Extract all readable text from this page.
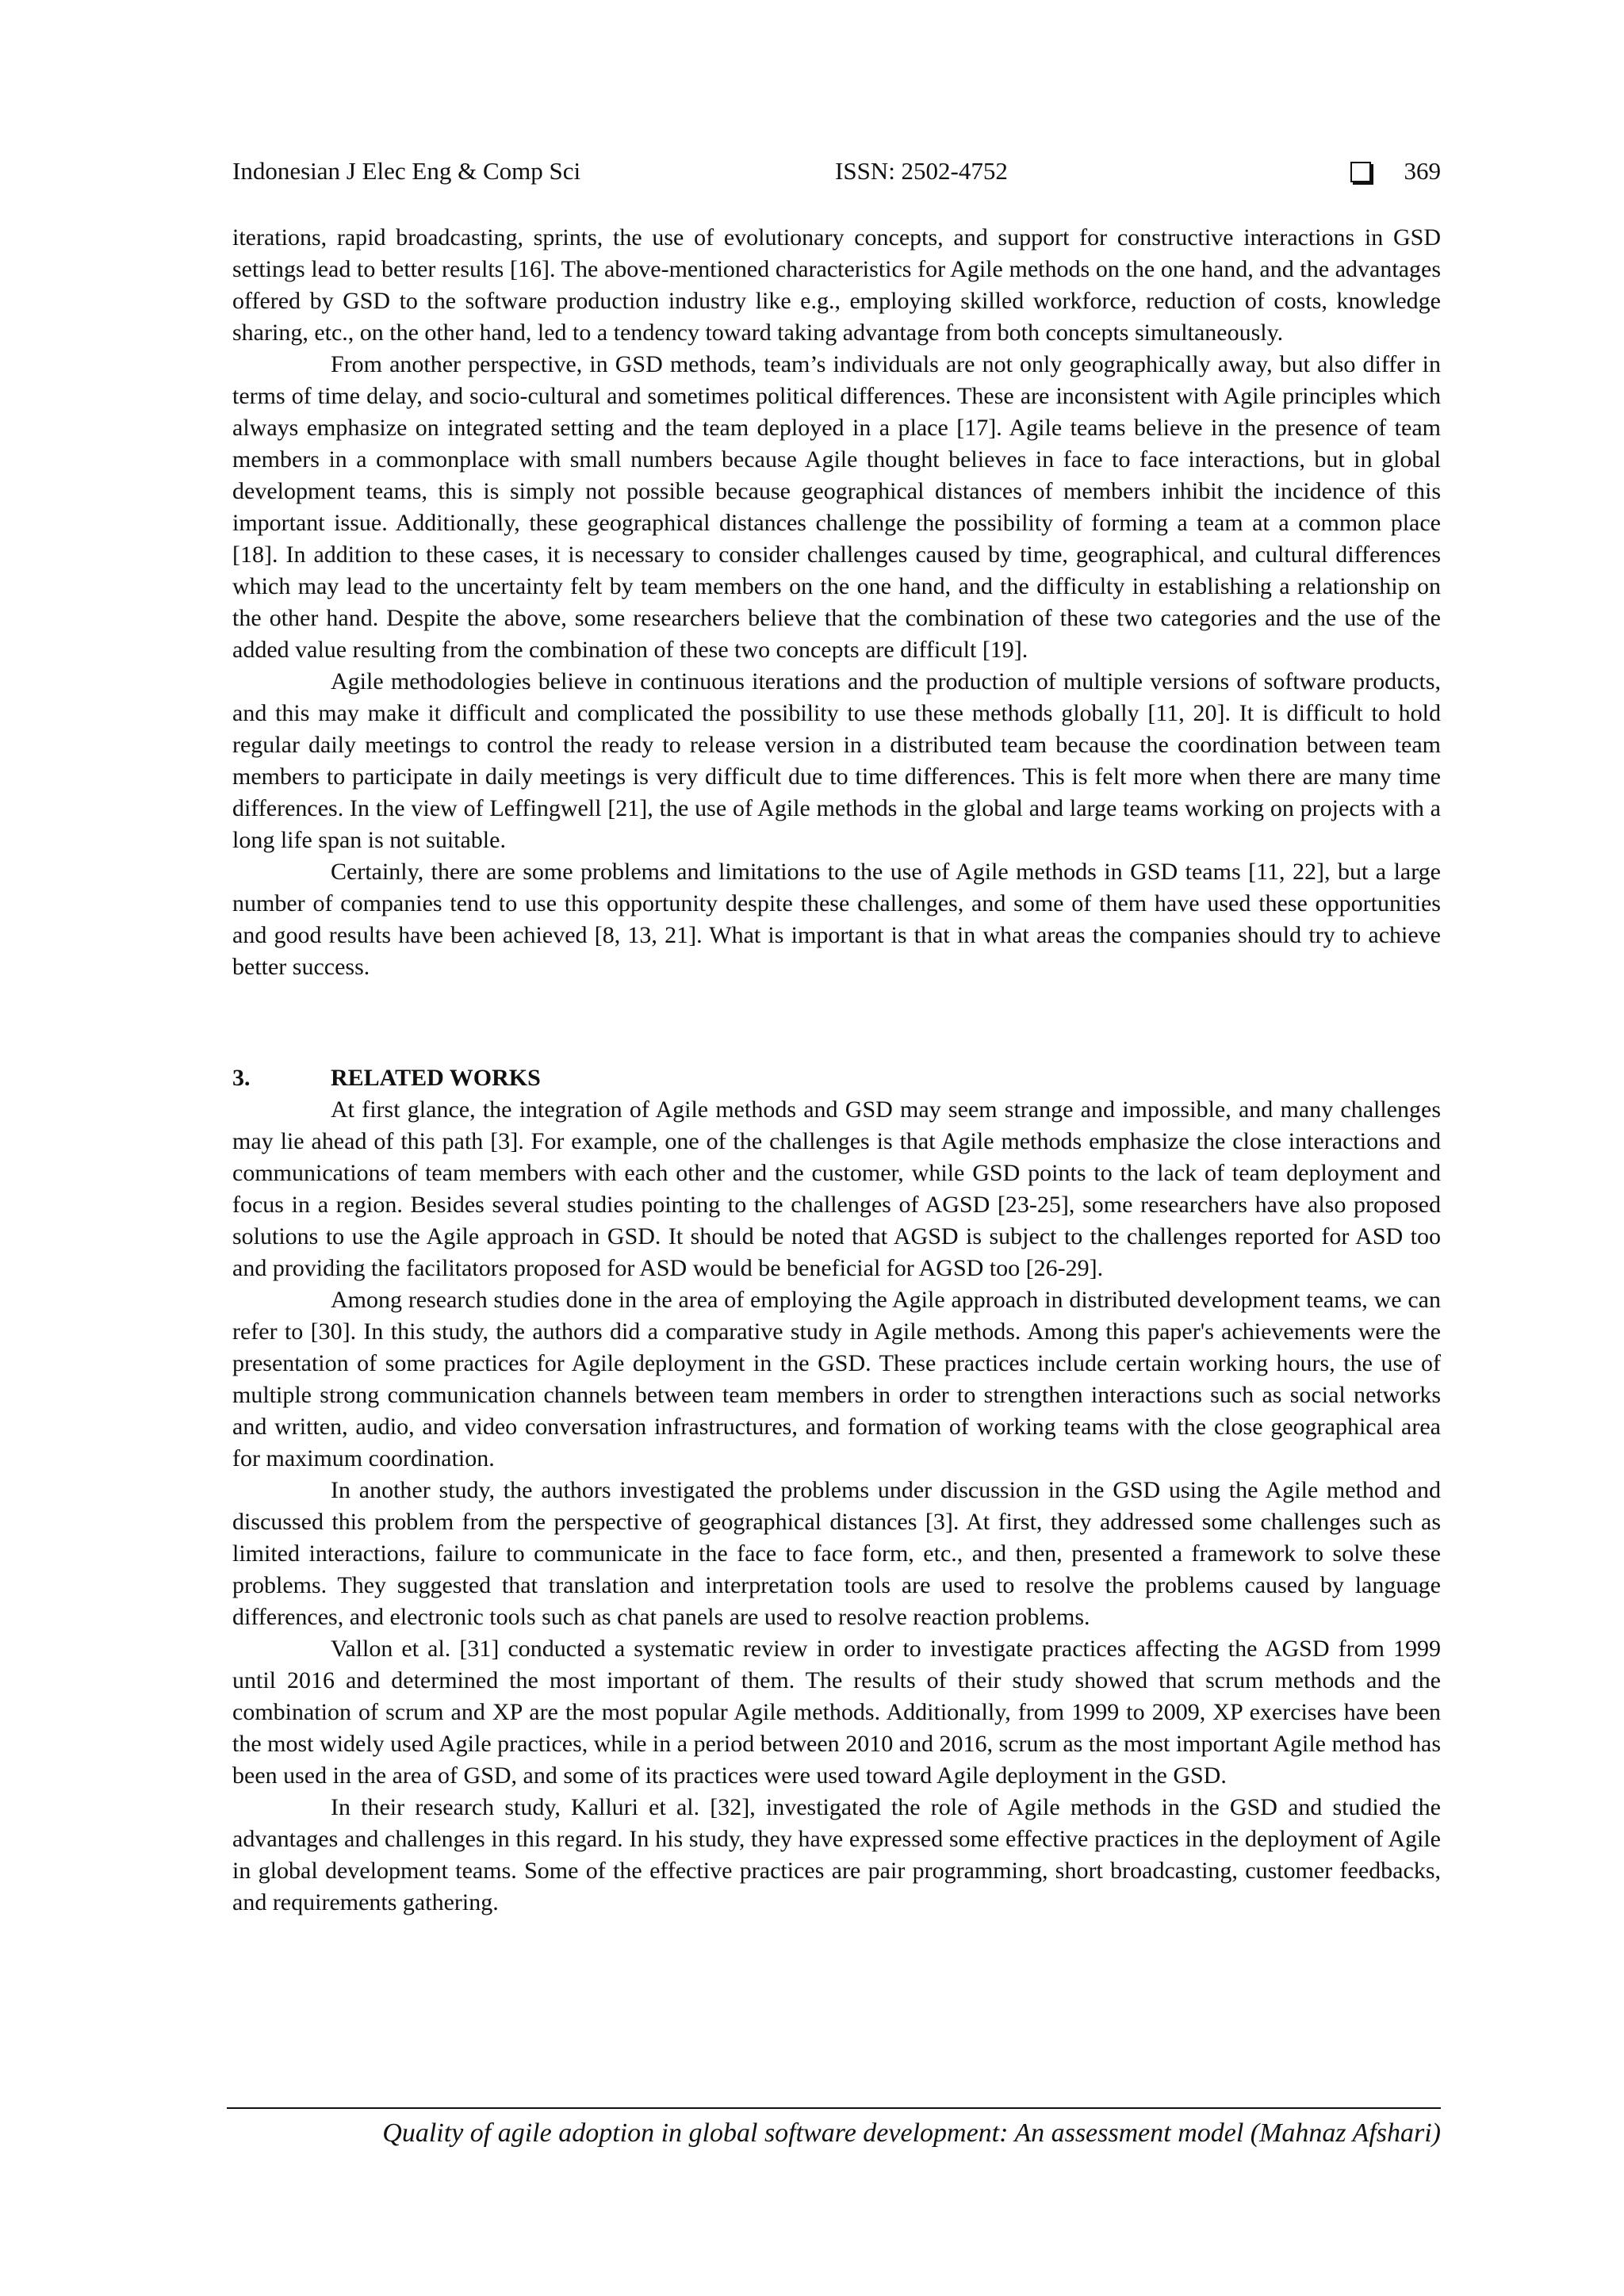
Indonesian J Elec Eng & Comp Sci	ISSN: 2502-4752	369

iterations, rapid broadcasting, sprints, the use of evolutionary concepts, and support for constructive interactions in GSD settings lead to better results [16]. The above-mentioned characteristics for Agile methods on the one hand, and the advantages offered by GSD to the software production industry like e.g., employing skilled workforce, reduction of costs, knowledge sharing, etc., on the other hand, led to a tendency toward taking advantage from both concepts simultaneously.

From another perspective, in GSD methods, team’s individuals are not only geographically away, but also differ in terms of time delay, and socio-cultural and sometimes political differences. These are inconsistent with Agile principles which always emphasize on integrated setting and the team deployed in a place [17]. Agile teams believe in the presence of team members in a commonplace with small numbers because Agile thought believes in face to face interactions, but in global development teams, this is simply not possible because geographical distances of members inhibit the incidence of this important issue. Additionally, these geographical distances challenge the possibility of forming a team at a common place [18]. In addition to these cases, it is necessary to consider challenges caused by time, geographical, and cultural differences which may lead to the uncertainty felt by team members on the one hand, and the difficulty in establishing a relationship on the other hand. Despite the above, some researchers believe that the combination of these two categories and the use of the added value resulting from the combination of these two concepts are difficult [19].

Agile methodologies believe in continuous iterations and the production of multiple versions of software products, and this may make it difficult and complicated the possibility to use these methods globally [11, 20]. It is difficult to hold regular daily meetings to control the ready to release version in a distributed team because the coordination between team members to participate in daily meetings is very difficult due to time differences. This is felt more when there are many time differences. In the view of Leffingwell [21], the use of Agile methods in the global and large teams working on projects with a long life span is not suitable.

Certainly, there are some problems and limitations to the use of Agile methods in GSD teams [11, 22], but a large number of companies tend to use this opportunity despite these challenges, and some of them have used these opportunities and good results have been achieved [8, 13, 21]. What is important is that in what areas the companies should try to achieve better success.

3.	RELATED WORKS

At first glance, the integration of Agile methods and GSD may seem strange and impossible, and many challenges may lie ahead of this path [3]. For example, one of the challenges is that Agile methods emphasize the close interactions and communications of team members with each other and the customer, while GSD points to the lack of team deployment and focus in a region. Besides several studies pointing to the challenges of AGSD [23-25], some researchers have also proposed solutions to use the Agile approach in GSD. It should be noted that AGSD is subject to the challenges reported for ASD too and providing the facilitators proposed for ASD would be beneficial for AGSD too [26-29].

Among research studies done in the area of employing the Agile approach in distributed development teams, we can refer to [30]. In this study, the authors did a comparative study in Agile methods. Among this paper's achievements were the presentation of some practices for Agile deployment in the GSD. These practices include certain working hours, the use of multiple strong communication channels between team members in order to strengthen interactions such as social networks and written, audio, and video conversation infrastructures, and formation of working teams with the close geographical area for maximum coordination.

In another study, the authors investigated the problems under discussion in the GSD using the Agile method and discussed this problem from the perspective of geographical distances [3]. At first, they addressed some challenges such as limited interactions, failure to communicate in the face to face form, etc., and then, presented a framework to solve these problems. They suggested that translation and interpretation tools are used to resolve the problems caused by language differences, and electronic tools such as chat panels are used to resolve reaction problems.

Vallon et al. [31] conducted a systematic review in order to investigate practices affecting the AGSD from 1999 until 2016 and determined the most important of them. The results of their study showed that scrum methods and the combination of scrum and XP are the most popular Agile methods. Additionally, from 1999 to 2009, XP exercises have been the most widely used Agile practices, while in a period between 2010 and 2016, scrum as the most important Agile method has been used in the area of GSD, and some of its practices were used toward Agile deployment in the GSD.

In their research study, Kalluri et al. [32], investigated the role of Agile methods in the GSD and studied the advantages and challenges in this regard. In his study, they have expressed some effective practices in the deployment of Agile in global development teams. Some of the effective practices are pair programming, short broadcasting, customer feedbacks, and requirements gathering.

Quality of agile adoption in global software development: An assessment model (Mahnaz Afshari)
